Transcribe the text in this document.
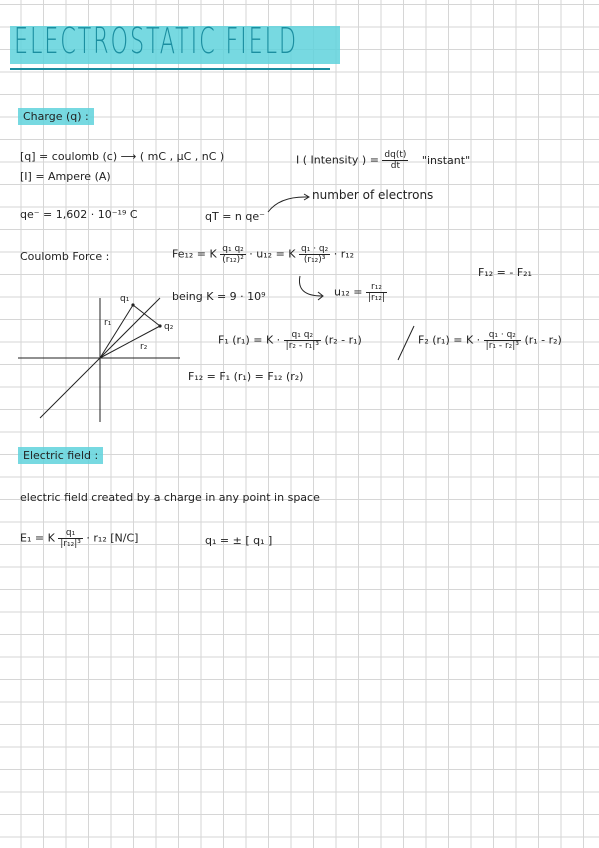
ELECTROSTATIC FIELD
Charge (q) :
[q] = coulomb (c) ⟶ ( mC , μC , nC )
[I] = Ampere (A)
I ( Intensity ) = $\frac{dq(t)}{dt}$ "instant"
number of electrons
qe⁻ = 1,602 · 10⁻¹⁹ C	qT = n qe⁻
Coulomb Force :	Fe₁₂ = K $\frac{\text{q₁ q₂}}{\text{(r₁₂)²}} \cdot u_{12} = K \frac{\text{q₁ · q₂}}{\text{(r₁₂)³}} \cdot r_{12}$
F₁₂ = - F₂₁
being K = 9 · 10⁹	$u_{12} = \frac{\text{r₁₂}}{\text{|r₁₂|}}$
q₁
q₂
r₁
r₂
F₁ $(r_1) = K \cdot \frac{\text{q₁ q₂}}{\text{|r₂ - r₁|³}} (r_2 - r_1)$	F₂ $(r_1) = K \cdot \frac{\text{q₁ · q₂}}{\text{|r₁ - r₂|³}} (r_1 - r_2)$
F₁₂ = F₁ (r₁) = F₁₂ (r₂)
Electric field :
electric field created by a charge in any point in space
E₁ = K $\frac{\text{q₁}}{\text{|r₁₂|³}} \cdot r_{12}$ [N/C]	q₁ = ± [ q₁ ]
